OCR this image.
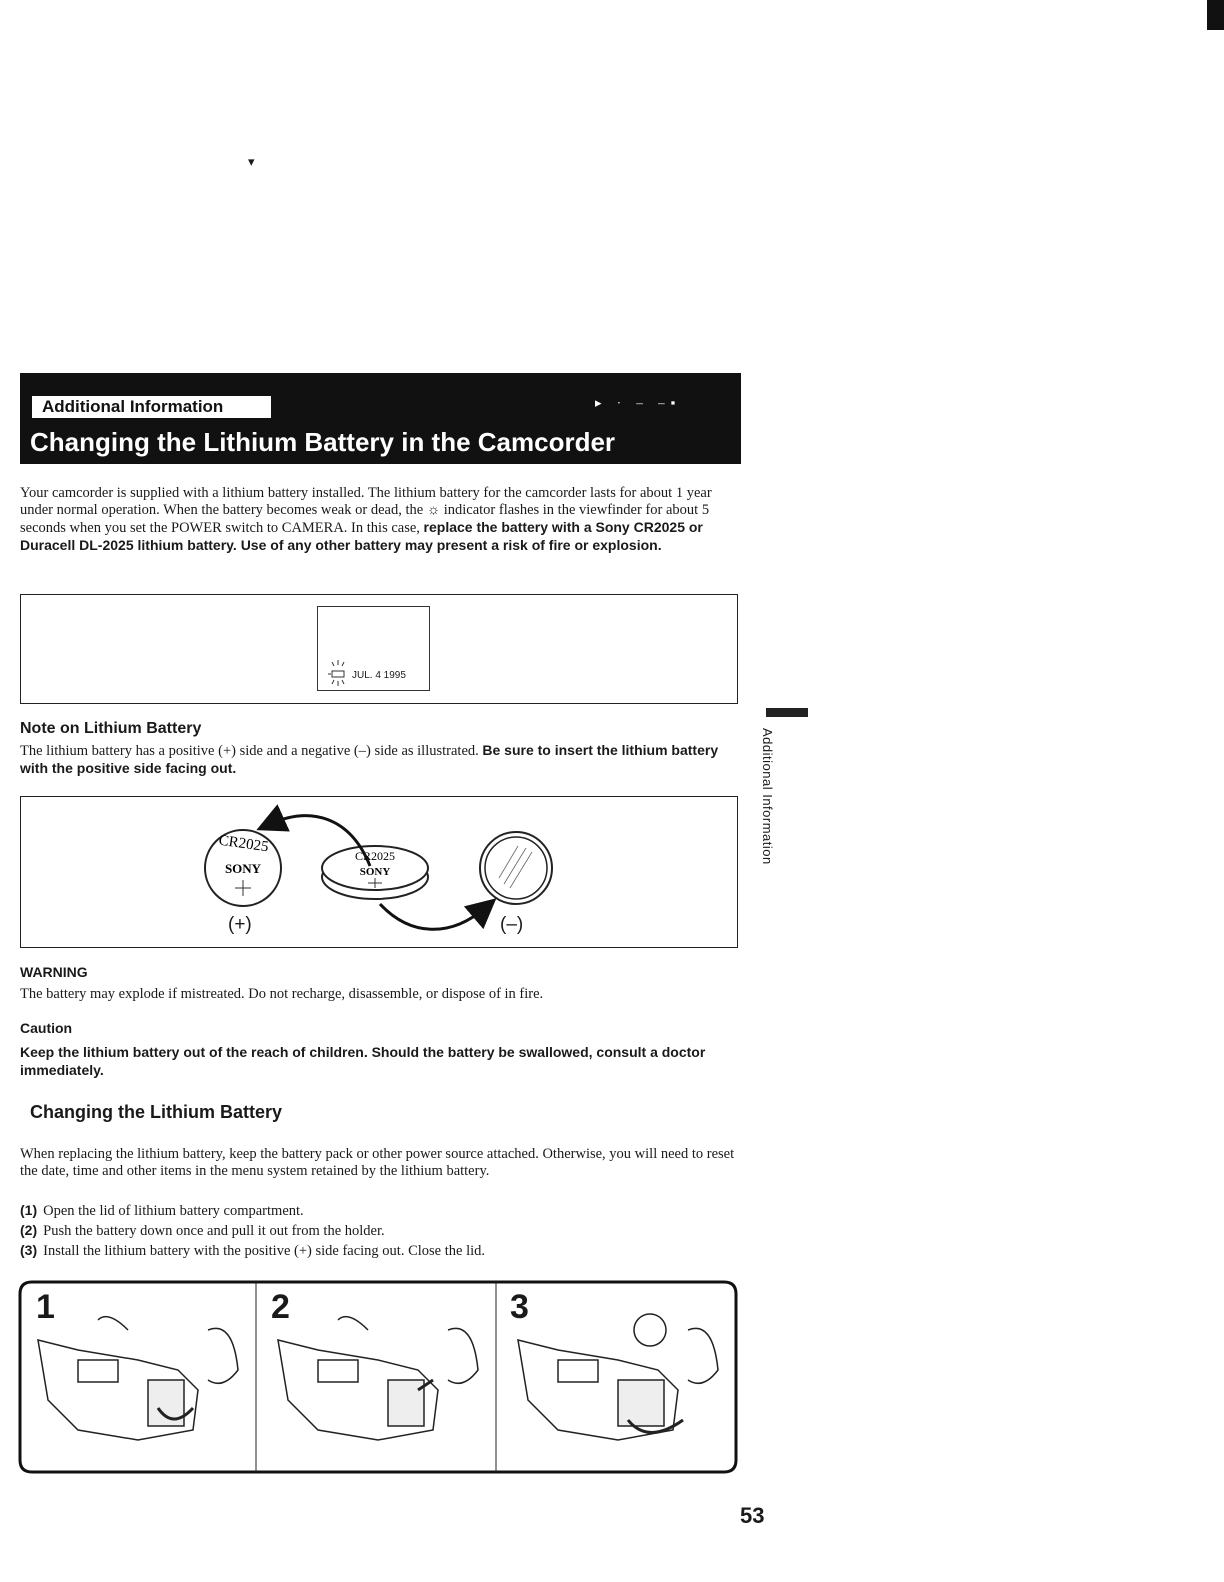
▾
Additional Information	▸ · ‒ ‒▪
Changing the Lithium Battery in the Camcorder
Your camcorder is supplied with a lithium battery installed. The lithium battery for the camcorder lasts for about 1 year under normal operation. When the battery becomes weak or dead, the ☼ indicator flashes in the viewfinder for about 5 seconds when you set the POWER switch to CAMERA. In this case, replace the battery with a Sony CR2025 or Duracell DL-2025 lithium battery. Use of any other battery may present a risk of fire or explosion.
JUL. 4 1995
Note on Lithium Battery
The lithium battery has a positive (+) side and a negative (–) side as illustrated. Be sure to insert the lithium battery with the positive side facing out.
CR2025
SONY
CR2025
SONY
(+)	(–)
Additional Information
WARNING
The battery may explode if mistreated. Do not recharge, disassemble, or dispose of in fire.
Caution
Keep the lithium battery out of the reach of children. Should the battery be swallowed, consult a doctor immediately.
Changing the Lithium Battery
When replacing the lithium battery, keep the battery pack or other power source attached. Otherwise, you will need to reset the date, time and other items in the menu system retained by the lithium battery.
(1) Open the lid of lithium battery compartment.
(2) Push the battery down once and pull it out from the holder.
(3) Install the lithium battery with the positive (+) side facing out. Close the lid.
1	2	3
53
